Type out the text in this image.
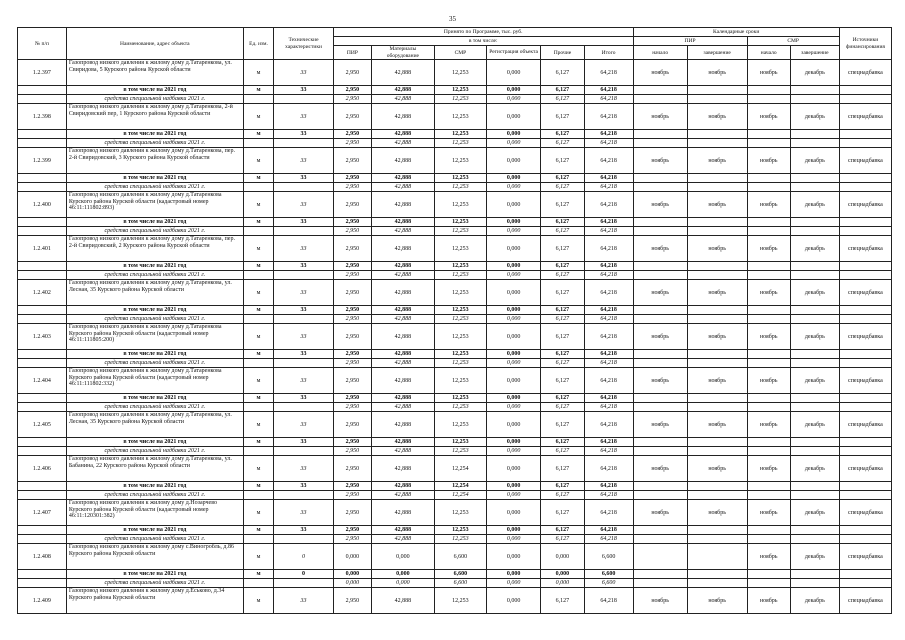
35
№ п/п	Наименование, адрес объекта	Ед. изм.	Технические характеристики	Принято по Программе, тыс. руб.						Календарные сроки				Источники финансирования
				в том числе:						ПИР		СМР		
				ПИР	Материалы оборудование	СМР	Регистрация объекта	Прочие	Итого	начало	завершение	начало	завершение	
1.2.397	Газопровод низкого давления к жилому дому д.Татаренкова, ул. Свиридова, 5 Курского района Курской области	м	33	2,950	42,888	12,253	0,000	6,127	64,218	ноябрь	ноябрь	ноябрь	декабрь	спецнадбавка
	в том числе на 2021 год	м	33	2,950	42,888	12,253	0,000	6,127	64,218					
	средства специальной надбавки 2021 г.			2,950	42,888	12,253	0,000	6,127	64,218					
1.2.398	Газопровод низкого давления к жилому дому д.Татаренкова, 2-й Свиридовский пер, 1 Курского района Курской области	м	33	2,950	42,888	12,253	0,000	6,127	64,218	ноябрь	ноябрь	ноябрь	декабрь	спецнадбавка
	в том числе на 2021 год	м	33	2,950	42,888	12,253	0,000	6,127	64,218					
	средства специальной надбавки 2021 г.			2,950	42,888	12,253	0,000	6,127	64,218					
1.2.399	Газопровод низкого давления к жилому дому д.Татаренкова, пер. 2-й Свиридовский, 3 Курского района Курской области	м	33	2,950	42,888	12,253	0,000	6,127	64,218	ноябрь	ноябрь	ноябрь	декабрь	спецнадбавка
	в том числе на 2021 год	м	33	2,950	42,888	12,253	0,000	6,127	64,218					
	средства специальной надбавки 2021 г.			2,950	42,888	12,253	0,000	6,127	64,218					
1.2.400	Газопровод низкого давления к жилому дому д.Татаренкова Курского района Курской области (кадастровый номер 46:11:111802:893)	м	33	2,950	42,888	12,253	0,000	6,127	64,218	ноябрь	ноябрь	ноябрь	декабрь	спецнадбавка
	в том числе на 2021 год	м	33	2,950	42,888	12,253	0,000	6,127	64,218					
	средства специальной надбавки 2021 г.			2,950	42,888	12,253	0,000	6,127	64,218					
1.2.401	Газопровод низкого давления к жилому дому д.Татаренкова, пер. 2-й Свиридовский, 2 Курского района Курской области	м	33	2,950	42,888	12,253	0,000	6,127	64,218	ноябрь	ноябрь	ноябрь	декабрь	спецнадбавка
	в том числе на 2021 год	м	33	2,950	42,888	12,253	0,000	6,127	64,218					
	средства специальной надбавки 2021 г.			2,950	42,888	12,253	0,000	6,127	64,218					
1.2.402	Газопровод низкого давления к жилому дому д.Татаренкова, ул. Лесная, 35 Курского района Курской области	м	33	2,950	42,888	12,253	0,000	6,127	64,218	ноябрь	ноябрь	ноябрь	декабрь	спецнадбавка
	в том числе на 2021 год	м	33	2,950	42,888	12,253	0,000	6,127	64,218					
	средства специальной надбавки 2021 г.			2,950	42,888	12,253	0,000	6,127	64,218					
1.2.403	Газопровод низкого давления к жилому дому д.Татаренкова Курского района Курской области (кадастровый номер 46:11:111805:200)	м	33	2,950	42,888	12,253	0,000	6,127	64,218	ноябрь	ноябрь	ноябрь	декабрь	спецнадбавка
	в том числе на 2021 год	м	33	2,950	42,888	12,253	0,000	6,127	64,218					
	средства специальной надбавки 2021 г.			2,950	42,888	12,253	0,000	6,127	64,218					
1.2.404	Газопровод низкого давления к жилому дому д.Татаренкова Курского района Курской области (кадастровый номер 46:11:111802:332)	м	33	2,950	42,888	12,253	0,000	6,127	64,218	ноябрь	ноябрь	ноябрь	декабрь	спецнадбавка
	в том числе на 2021 год	м	33	2,950	42,888	12,253	0,000	6,127	64,218					
	средства специальной надбавки 2021 г.			2,950	42,888	12,253	0,000	6,127	64,218					
1.2.405	Газопровод низкого давления к жилому дому д.Татаренкова, ул. Лесная, 35 Курского района Курской области	м	33	2,950	42,888	12,253	0,000	6,127	64,218	ноябрь	ноябрь	ноябрь	декабрь	спецнадбавка
	в том числе на 2021 год	м	33	2,950	42,888	12,253	0,000	6,127	64,218					
	средства специальной надбавки 2021 г.			2,950	42,888	12,253	0,000	6,127	64,218					
1.2.406	Газопровод низкого давления к жилому дому д.Татаренкова, ул. Бабанина, 22 Курского района Курской области	м	33	2,950	42,888	12,254	0,000	6,127	64,218	ноябрь	ноябрь	ноябрь	декабрь	спецнадбавка
	в том числе на 2021 год	м	33	2,950	42,888	12,254	0,000	6,127	64,218					
	средства специальной надбавки 2021 г.			2,950	42,888	12,254	0,000	6,127	64,218					
1.2.407	Газопровод низкого давления к жилому дому д.Нозарчево Курского района Курской области (кадастровый номер 46:11:120301:382)	м	33	2,950	42,888	12,253	0,000	6,127	64,218	ноябрь	ноябрь	ноябрь	декабрь	спецнадбавка
	в том числе на 2021 год	м	33	2,950	42,888	12,253	0,000	6,127	64,218					
	средства специальной надбавки 2021 г.			2,950	42,888	12,253	0,000	6,127	64,218					
1.2.408	Газопровод низкого давления к жилому дому с.Виногробль, д.86 Курского района Курской области	м	0	0,000	0,000	6,600	0,000	0,000	6,600			ноябрь	декабрь	спецнадбавка
	в том числе на 2021 год	м	0	0,000	0,000	6,600	0,000	0,000	6,600					
	средства специальной надбавки 2021 г.			0,000	0,000	6,600	0,000	0,000	6,600					
1.2.409	Газопровод низкого давления к жилому дому д.Еськово, д.34 Курского района Курской области	м	33	2,950	42,888	12,253	0,000	6,127	64,218	ноябрь	ноябрь	ноябрь	декабрь	спецнадбавка
